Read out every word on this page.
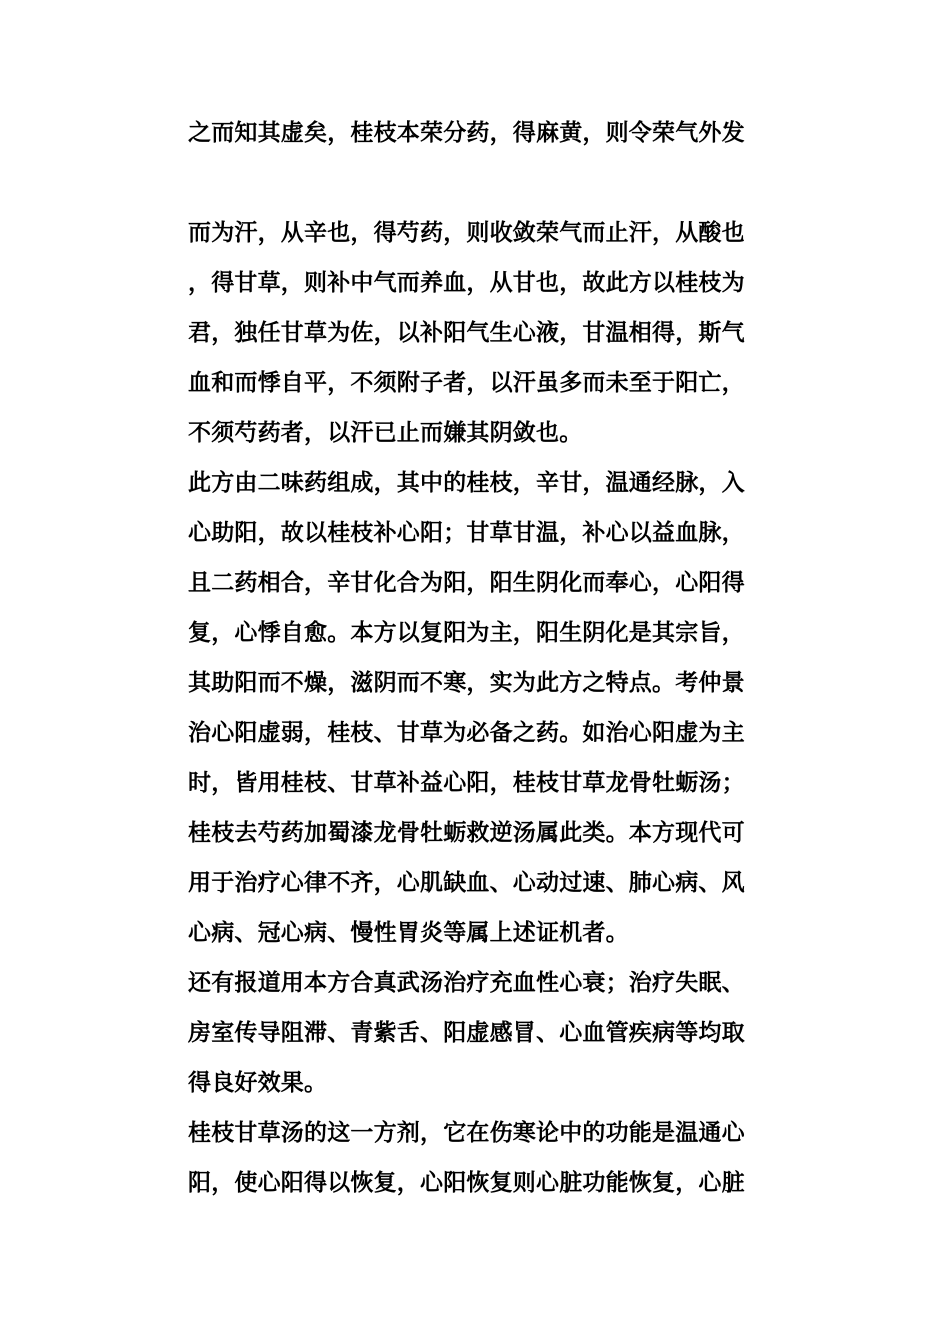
之而知其虚矣，桂枝本荣分药，得麻黄，则令荣气外发
而为汗，从辛也，得芍药，则收敛荣气而止汗，从酸也
，得甘草，则补中气而养血，从甘也，故此方以桂枝为
君，独任甘草为佐，以补阳气生心液，甘温相得，斯气
血和而悸自平，不须附子者，以汗虽多而未至于阳亡，
不须芍药者，以汗已止而嫌其阴敛也。
此方由二味药组成，其中的桂枝，辛甘，温通经脉，入
心助阳，故以桂枝补心阳；甘草甘温，补心以益血脉，
且二药相合，辛甘化合为阳，阳生阴化而奉心，心阳得
复，心悸自愈。本方以复阳为主，阳生阴化是其宗旨，
其助阳而不燥，滋阴而不寒，实为此方之特点。考仲景
治心阳虚弱，桂枝、甘草为必备之药。如治心阳虚为主
时，皆用桂枝、甘草补益心阳，桂枝甘草龙骨牡蛎汤；
桂枝去芍药加蜀漆龙骨牡蛎救逆汤属此类。本方现代可
用于治疗心律不齐，心肌缺血、心动过速、肺心病、风
心病、冠心病、慢性胃炎等属上述证机者。
还有报道用本方合真武汤治疗充血性心衰；治疗失眠、
房室传导阻滞、青紫舌、阳虚感冒、心血管疾病等均取
得良好效果。
桂枝甘草汤的这一方剂，它在伤寒论中的功能是温通心
阳，使心阳得以恢复，心阳恢复则心脏功能恢复，心脏
